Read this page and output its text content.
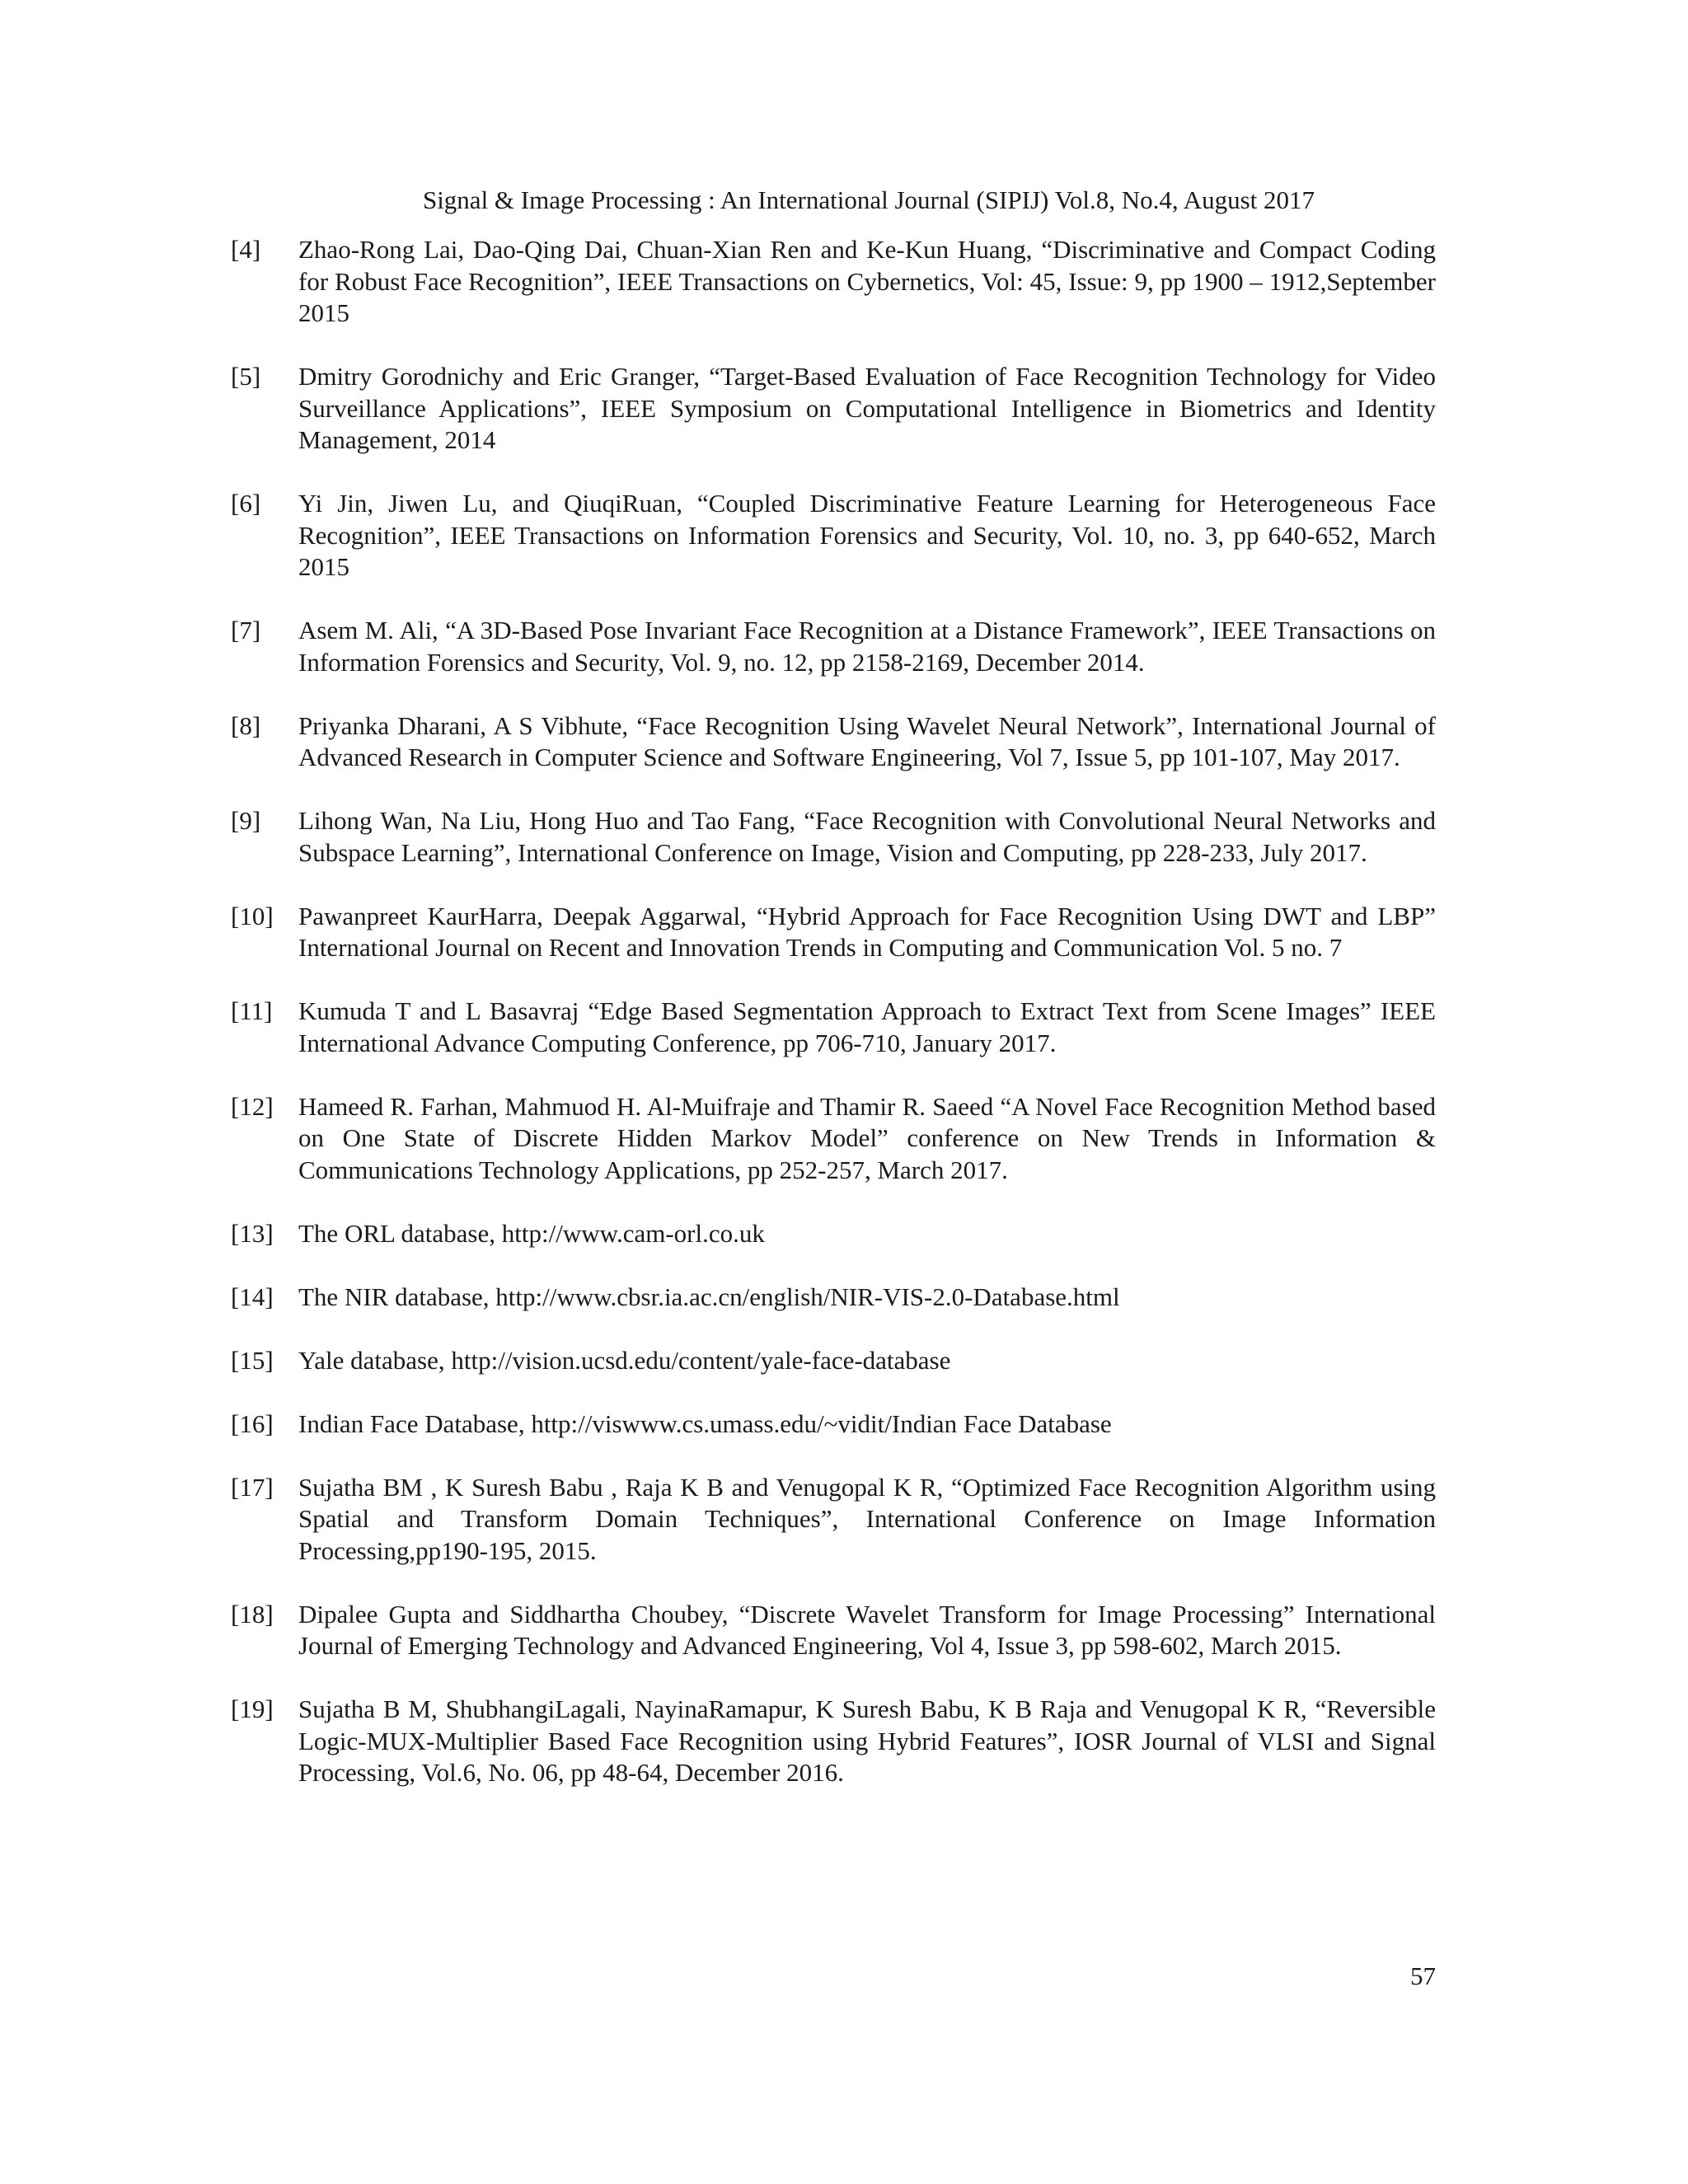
Signal & Image Processing : An International Journal (SIPIJ) Vol.8, No.4, August 2017
[4]	Zhao-Rong Lai, Dao-Qing Dai, Chuan-Xian Ren and Ke-Kun Huang, “Discriminative and Compact Coding for Robust Face Recognition”, IEEE Transactions on Cybernetics, Vol: 45, Issue: 9, pp 1900 – 1912,September 2015
[5]	Dmitry Gorodnichy and Eric Granger, “Target-Based Evaluation of Face Recognition Technology for Video Surveillance Applications”, IEEE Symposium on Computational Intelligence in Biometrics and Identity Management, 2014
[6]	Yi Jin, Jiwen Lu, and QiuqiRuan, “Coupled Discriminative Feature Learning for Heterogeneous Face Recognition”, IEEE Transactions on Information Forensics and Security, Vol. 10, no. 3, pp 640-652, March 2015
[7]	Asem M. Ali, “A 3D-Based Pose Invariant Face Recognition at a Distance Framework”, IEEE Transactions on Information Forensics and Security, Vol. 9, no. 12, pp 2158-2169, December 2014.
[8]	Priyanka Dharani, A S Vibhute, “Face Recognition Using Wavelet Neural Network”, International Journal of Advanced Research in Computer Science and Software Engineering, Vol 7, Issue 5, pp 101-107, May 2017.
[9]	Lihong Wan, Na Liu, Hong Huo and Tao Fang, “Face Recognition with Convolutional Neural Networks and Subspace Learning”, International Conference on Image, Vision and Computing, pp 228-233, July 2017.
[10] Pawanpreet KaurHarra, Deepak Aggarwal, “Hybrid Approach for Face Recognition Using DWT and LBP” International Journal on Recent and Innovation Trends in Computing and Communication Vol. 5 no. 7
[11]	Kumuda T and L Basavraj “Edge Based Segmentation Approach to Extract Text from Scene Images” IEEE International Advance Computing Conference, pp 706-710, January 2017.
[12] Hameed R. Farhan, Mahmuod H. Al-Muifraje and Thamir R. Saeed “A Novel Face Recognition Method based on One State of Discrete Hidden Markov Model” conference on New Trends in Information & Communications Technology Applications, pp 252-257, March 2017.
[13] The ORL database, http://www.cam-orl.co.uk
[14] The NIR database, http://www.cbsr.ia.ac.cn/english/NIR-VIS-2.0-Database.html
[15] Yale database, http://vision.ucsd.edu/content/yale-face-database
[16] Indian Face Database, http://viswww.cs.umass.edu/~vidit/Indian Face Database
[17] Sujatha BM , K Suresh Babu , Raja K B and Venugopal K R, “Optimized Face Recognition Algorithm using Spatial and Transform Domain Techniques”, International Conference on Image Information Processing,pp190-195, 2015.
[18] Dipalee Gupta and Siddhartha Choubey, “Discrete Wavelet Transform for Image Processing” International Journal of Emerging Technology and Advanced Engineering, Vol 4, Issue 3, pp 598-602, March 2015.
[19] Sujatha B M, ShubhangiLagali, NayinaRamapur, K Suresh Babu, K B Raja and Venugopal K R, “Reversible Logic-MUX-Multiplier Based Face Recognition using Hybrid Features”, IOSR Journal of VLSI and Signal Processing, Vol.6, No. 06, pp 48-64, December 2016.
57
